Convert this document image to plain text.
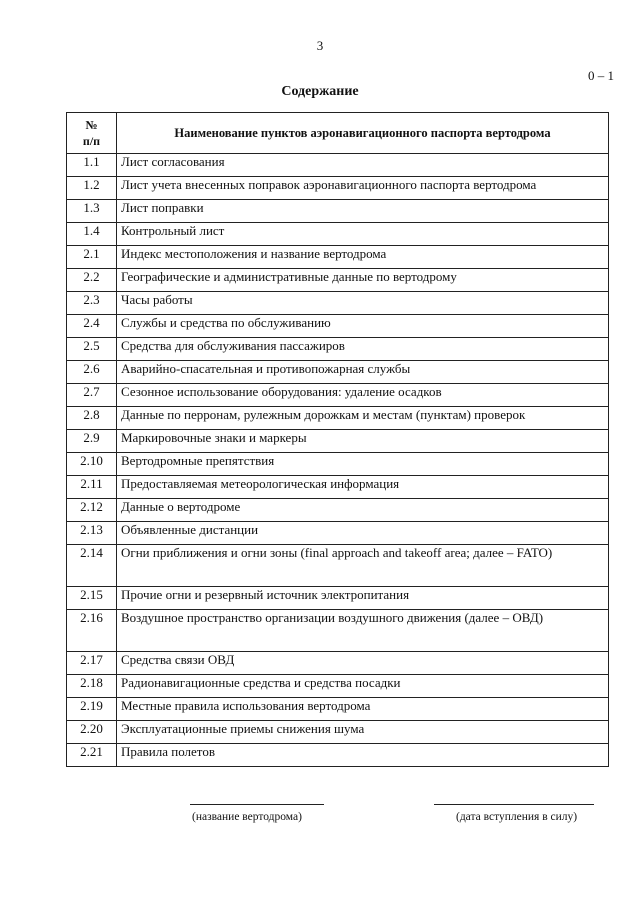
3
0 – 1
Содержание
№
п/п	Наименование пунктов аэронавигационного паспорта вертодрома
1.1	Лист согласования
1.2	Лист учета внесенных поправок аэронавигационного паспорта вертодрома
1.3	Лист поправки
1.4	Контрольный лист
2.1	Индекс местоположения и название вертодрома
2.2	Географические и административные данные по вертодрому
2.3	Часы работы
2.4	Службы и средства по обслуживанию
2.5	Средства для обслуживания пассажиров
2.6	Аварийно-спасательная и противопожарная службы
2.7	Сезонное использование оборудования: удаление осадков
2.8	Данные по перронам, рулежным дорожкам и местам (пунктам) проверок
2.9	Маркировочные знаки и маркеры
2.10	Вертодромные препятствия
2.11	Предоставляемая метеорологическая информация
2.12	Данные о вертодроме
2.13	Объявленные дистанции
2.14	Огни приближения и огни зоны (final approach and takeoff area; далее – FATO)
2.15	Прочие огни и резервный источник электропитания
2.16	Воздушное пространство организации воздушного движения (далее – ОВД)
2.17	Средства связи ОВД
2.18	Радионавигационные средства и средства посадки
2.19	Местные правила использования вертодрома
2.20	Эксплуатационные приемы снижения шума
2.21	Правила полетов
(название вертодрома)	(дата вступления в силу)
